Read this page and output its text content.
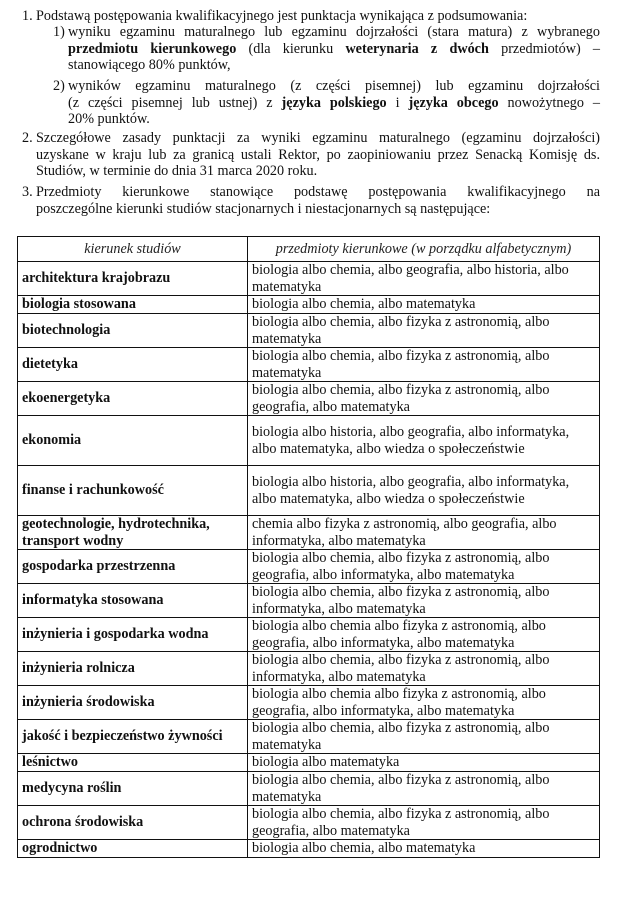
1. Podstawą postępowania kwalifikacyjnego jest punktacja wynikająca z podsumowania:
1) wyniku egzaminu maturalnego lub egzaminu dojrzałości (stara matura) z wybranego
przedmiotu kierunkowego (dla kierunku weterynaria z dwóch przedmiotów) –
stanowiącego 80% punktów,
2) wyników egzaminu maturalnego (z części pisemnej) lub egzaminu dojrzałości
(z części pisemnej lub ustnej) z języka polskiego i języka obcego nowożytnego –
20% punktów.
2. Szczegółowe zasady punktacji za wyniki egzaminu maturalnego (egzaminu dojrzałości)
uzyskane w kraju lub za granicą ustali Rektor, po zaopiniowaniu przez Senacką Komisję ds.
Studiów, w terminie do dnia 31 marca 2020 roku.
3. Przedmioty kierunkowe stanowiące podstawę postępowania kwalifikacyjnego na
poszczególne kierunki studiów stacjonarnych i niestacjonarnych są następujące:
kierunek studiów	przedmioty kierunkowe (w porządku alfabetycznym)
architektura krajobrazu	biologia albo chemia, albo geografia, albo historia, albo matematyka
biologia stosowana	biologia albo chemia, albo matematyka
biotechnologia	biologia albo chemia, albo fizyka z astronomią, albo matematyka
dietetyka	biologia albo chemia, albo fizyka z astronomią, albo matematyka
ekoenergetyka	biologia albo chemia, albo fizyka z astronomią, albo geografia, albo matematyka
ekonomia	biologia albo historia, albo geografia, albo informatyka, albo matematyka, albo wiedza o społeczeństwie
finanse i rachunkowość	biologia albo historia, albo geografia, albo informatyka, albo matematyka, albo wiedza o społeczeństwie
geotechnologie, hydrotechnika, transport wodny	chemia albo fizyka z astronomią, albo geografia, albo informatyka, albo matematyka
gospodarka przestrzenna	biologia albo chemia, albo fizyka z astronomią, albo geografia, albo informatyka, albo matematyka
informatyka stosowana	biologia albo chemia, albo fizyka z astronomią, albo informatyka, albo matematyka
inżynieria i gospodarka wodna	biologia albo chemia albo fizyka z astronomią, albo geografia, albo informatyka, albo matematyka
inżynieria rolnicza	biologia albo chemia, albo fizyka z astronomią, albo informatyka, albo matematyka
inżynieria środowiska	biologia albo chemia albo fizyka z astronomią, albo geografia, albo informatyka, albo matematyka
jakość i bezpieczeństwo żywności	biologia albo chemia, albo fizyka z astronomią, albo matematyka
leśnictwo	biologia albo matematyka
medycyna roślin	biologia albo chemia, albo fizyka z astronomią, albo matematyka
ochrona środowiska	biologia albo chemia, albo fizyka z astronomią, albo geografia, albo matematyka
ogrodnictwo	biologia albo chemia, albo matematyka
